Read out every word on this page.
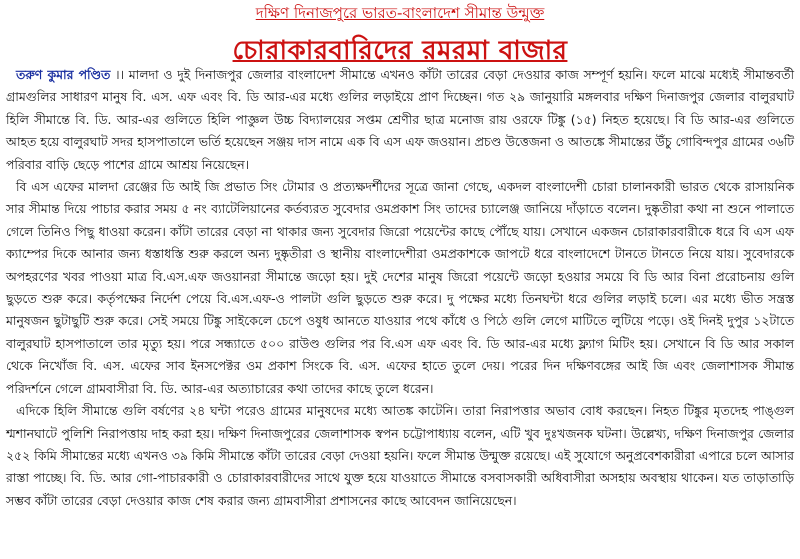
দক্ষিণ দিনাজপুরে ভারত-বাংলাদেশ সীমান্ত উন্মুক্ত
চোরাকারবারিদের রমরমা বাজার

তরুণ কুমার পণ্ডিত ।। মালদা ও দুই দিনাজপুর জেলার বাংলাদেশ সীমান্তে এখনও কাঁটা তারের বেড়া দেওয়ার কাজ সম্পূর্ণ হয়নি। ফলে মাঝে মধ্যেই সীমান্তবর্তী গ্রামগুলির সাধারণ মানুষ বি. এস. এফ এবং বি. ডি আর-এর মধ্যে গুলির লড়াইয়ে প্রাণ দিচ্ছেন। গত ২৯ জানুয়ারি মঙ্গলবার দক্ষিণ দিনাজপুর জেলার বালুরঘাট হিলি সীমান্তে বি. ডি. আর-এর গুলিতে হিলি পাজ্ঞুল উচ্চ বিদ্যালয়ের সপ্তম শ্রেণীর ছাত্র মনোজ রায় ওরফে টিঙ্কু (১৫) নিহত হয়েছে। বি ডি আর-এর গুলিতে আহত হয়ে বালুরঘাট সদর হাসপাতালে ভর্তি হয়েছেন সঞ্জয় দাস নামে এক বি এস এফ জওয়ান। প্রচণ্ড উত্তেজনা ও আতঙ্কে সীমান্তের উঁচু গোবিন্দপুর গ্রামের ৩৬টি পরিবার বাড়ি ছেড়ে পাশের গ্রামে আশ্রয় নিয়েছেন।

বি এস এফের মালদা রেঞ্জের ডি আই জি প্রভাত সিং টোমার ও প্রত্যক্ষদর্শীদের সূত্রে জানা গেছে, একদল বাংলাদেশী চোরা চালানকারী ভারত থেকে রাসায়নিক সার সীমান্ত দিয়ে পাচার করার সময় ৫ নং ব্যাটেলিয়ানের কর্তব্যরত সুবেদার ওমপ্রকাশ সিং তাদের চ্যালেঞ্জ জানিয়ে দাঁড়াতে বলেন। দুষ্কৃতীরা কথা না শুনে পালাতে গেলে তিনিও পিছু ধাওয়া করেন। কাঁটা তারের বেড়া না থাকার জন্য সুবেদার জিরো পয়েন্টের কাছে পৌঁছে যায়। সেখানে একজন চোরাকারবারীকে ধরে বি এস এফ ক্যাম্পের দিকে আনার জন্য ধস্তাধস্তি শুরু করলে অন্য দুষ্কৃতীরা ও স্থানীয় বাংলাদেশীরা ওমপ্রকাশকে জাপটে ধরে বাংলাদেশে টানতে টানতে নিয়ে যায়। সুবেদারকে অপহরণের খবর পাওয়া মাত্র বি.এস.এফ জওয়ানরা সীমান্তে জড়ো হয়। দুই দেশের মানুষ জিরো পয়েন্টে জড়ো হওয়ার সময়ে বি ডি আর বিনা প্ররোচনায় গুলি ছুড়তে শুরু করে। কর্তৃপক্ষের নির্দেশ পেয়ে বি.এস.এফ-ও পালটা গুলি ছুড়তে শুরু করে। দু পক্ষের মধ্যে তিনঘন্টা ধরে গুলির লড়াই চলে। এর মধ্যে ভীত সন্ত্রস্ত মানুষজন ছুটাছুটি শুরু করে। সেই সময়ে টিঙ্কু সাইকেলে চেপে ওষুধ আনতে যাওয়ার পথে কাঁধে ও পিঠে গুলি লেগে মাটিতে লুটিয়ে পড়ে। ওই দিনই দুপুর ১২টাতে বালুরঘাট হাসপাতালে তার মৃত্যু হয়। পরে সন্ধ্যাতে ৫০০ রাউণ্ড গুলির পর বি.এস এফ এবং বি. ডি আর-এর মধ্যে ফ্ল্যাগ মিটিং হয়। সেখানে বি ডি আর সকাল থেকে নিখোঁজ বি. এস. এফের সাব ইনসপেক্টর ওম প্রকাশ সিংকে বি. এস. এফের হাতে তুলে দেয়। পরের দিন দক্ষিণবঙ্গের আই জি এবং জেলাশাসক সীমান্ত পরিদর্শনে গেলে গ্রামবাসীরা বি. ডি. আর-এর অত্যাচারের কথা তাদের কাছে তুলে ধরেন।

এদিকে হিলি সীমান্তে গুলি বর্ষণের ২৪ ঘন্টা পরেও গ্রামের মানুষদের মধ্যে আতঙ্ক কাটেনি। তারা নিরাপত্তার অভাব বোধ করছেন। নিহত টিঙ্কুর মৃতদেহ পাঙ্গুল শ্মশানঘাটে পুলিশি নিরাপত্তায় দাহ করা হয়। দক্ষিণ দিনাজপুরের জেলাশাসক স্বপন চট্টোপাধ্যায় বলেন, এটি খুব দুঃখজনক ঘটনা। উল্লেখ্য, দক্ষিণ দিনাজপুর জেলার ২৫২ কিমি সীমান্তের মধ্যে এখনও ৩৯ কিমি সীমান্তে কাঁটা তারের বেড়া দেওয়া হয়নি। ফলে সীমান্ত উন্মুক্ত রয়েছে। এই সুযোগে অনুপ্রবেশকারীরা এপারে চলে আসার রাস্তা পাচ্ছে। বি. ডি. আর গো-পাচারকারী ও চোরাকারবারীদের সাথে যুক্ত হয়ে যাওয়াতে সীমান্তে বসবাসকারী অধিবাসীরা অসহায় অবস্থায় থাকেন। যত তাড়াতাড়ি সম্ভব কাঁটা তারের বেড়া দেওয়ার কাজ শেষ করার জন্য গ্রামবাসীরা প্রশাসনের কাছে আবেদন জানিয়েছেন।
